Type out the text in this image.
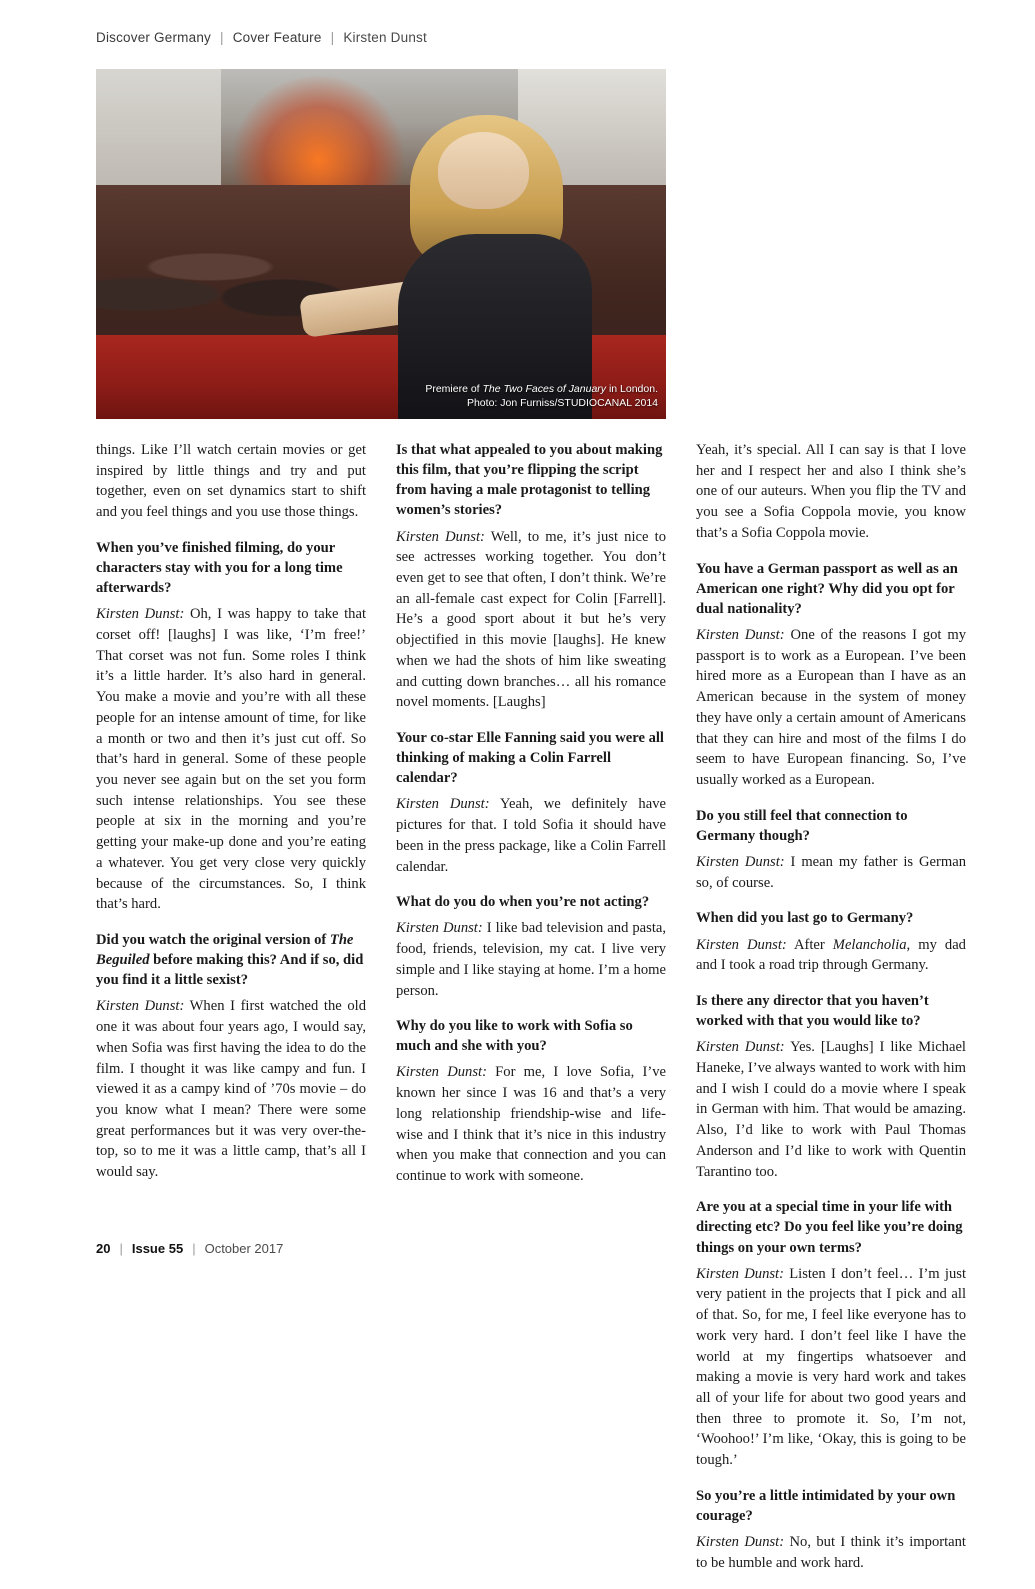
Discover Germany | Cover Feature | Kirsten Dunst
Premiere of The Two Faces of January in London.
Photo: Jon Furniss/STUDIOCANAL 2014

things. Like I’ll watch certain movies or get inspired by little things and try and put together, even on set dynamics start to shift and you feel things and you use those things.

When you’ve finished filming, do your characters stay with you for a long time afterwards?

Kirsten Dunst: Oh, I was happy to take that corset off! [laughs] I was like, ‘I’m free!’ That corset was not fun. Some roles I think it’s a little harder. It’s also hard in general. You make a movie and you’re with all these people for an intense amount of time, for like a month or two and then it’s just cut off. So that’s hard in general. Some of these people you never see again but on the set you form such intense relationships. You see these people at six in the morning and you’re getting your make-up done and you’re eating a whatever. You get very close very quickly because of the circumstances. So, I think that’s hard.

Did you watch the original version of The Beguiled before making this? And if so, did you find it a little sexist?

Kirsten Dunst: When I first watched the old one it was about four years ago, I would say, when Sofia was first having the idea to do the film. I thought it was like campy and fun. I viewed it as a campy kind of ’70s movie – do you know what I mean? There were some great performances but it was very over-the-top, so to me it was a little camp, that’s all I would say.

Is that what appealed to you about making this film, that you’re flipping the script from having a male protagonist to telling women’s stories?

Kirsten Dunst: Well, to me, it’s just nice to see actresses working together. You don’t even get to see that often, I don’t think. We’re an all-female cast expect for Colin [Farrell]. He’s a good sport about it but he’s very objectified in this movie [laughs]. He knew when we had the shots of him like sweating and cutting down branches… all his romance novel moments. [Laughs]

Your co-star Elle Fanning said you were all thinking of making a Colin Farrell calendar?

Kirsten Dunst: Yeah, we definitely have pictures for that. I told Sofia it should have been in the press package, like a Colin Farrell calendar.

What do you do when you’re not acting?

Kirsten Dunst: I like bad television and pasta, food, friends, television, my cat. I live very simple and I like staying at home. I’m a home person.

Why do you like to work with Sofia so much and she with you?

Kirsten Dunst: For me, I love Sofia, I’ve known her since I was 16 and that’s a very long relationship friendship-wise and life-wise and I think that it’s nice in this industry when you make that connection and you can continue to work with someone.

Yeah, it’s special. All I can say is that I love her and I respect her and also I think she’s one of our auteurs. When you flip the TV and you see a Sofia Coppola movie, you know that’s a Sofia Coppola movie.

You have a German passport as well as an American one right? Why did you opt for dual nationality?

Kirsten Dunst: One of the reasons I got my passport is to work as a European. I’ve been hired more as a European than I have as an American because in the system of money they have only a certain amount of Americans that they can hire and most of the films I do seem to have European financing. So, I’ve usually worked as a European.

Do you still feel that connection to Germany though?

Kirsten Dunst: I mean my father is German so, of course.

When did you last go to Germany?

Kirsten Dunst: After Melancholia, my dad and I took a road trip through Germany.

Is there any director that you haven’t worked with that you would like to?

Kirsten Dunst: Yes. [Laughs] I like Michael Haneke, I’ve always wanted to work with him and I wish I could do a movie where I speak in German with him. That would be amazing. Also, I’d like to work with Paul Thomas Anderson and I’d like to work with Quentin Tarantino too.

Are you at a special time in your life with directing etc? Do you feel like you’re doing things on your own terms?

Kirsten Dunst: Listen I don’t feel… I’m just very patient in the projects that I pick and all of that. So, for me, I feel like everyone has to work very hard. I don’t feel like I have the world at my fingertips whatsoever and making a movie is very hard work and takes all of your life for about two good years and then three to promote it. So, I’m not, ‘Woohoo!’ I’m like, ‘Okay, this is going to be tough.’

So you’re a little intimidated by your own courage?

Kirsten Dunst: No, but I think it’s important to be humble and work hard.

20 | Issue 55 | October 2017
